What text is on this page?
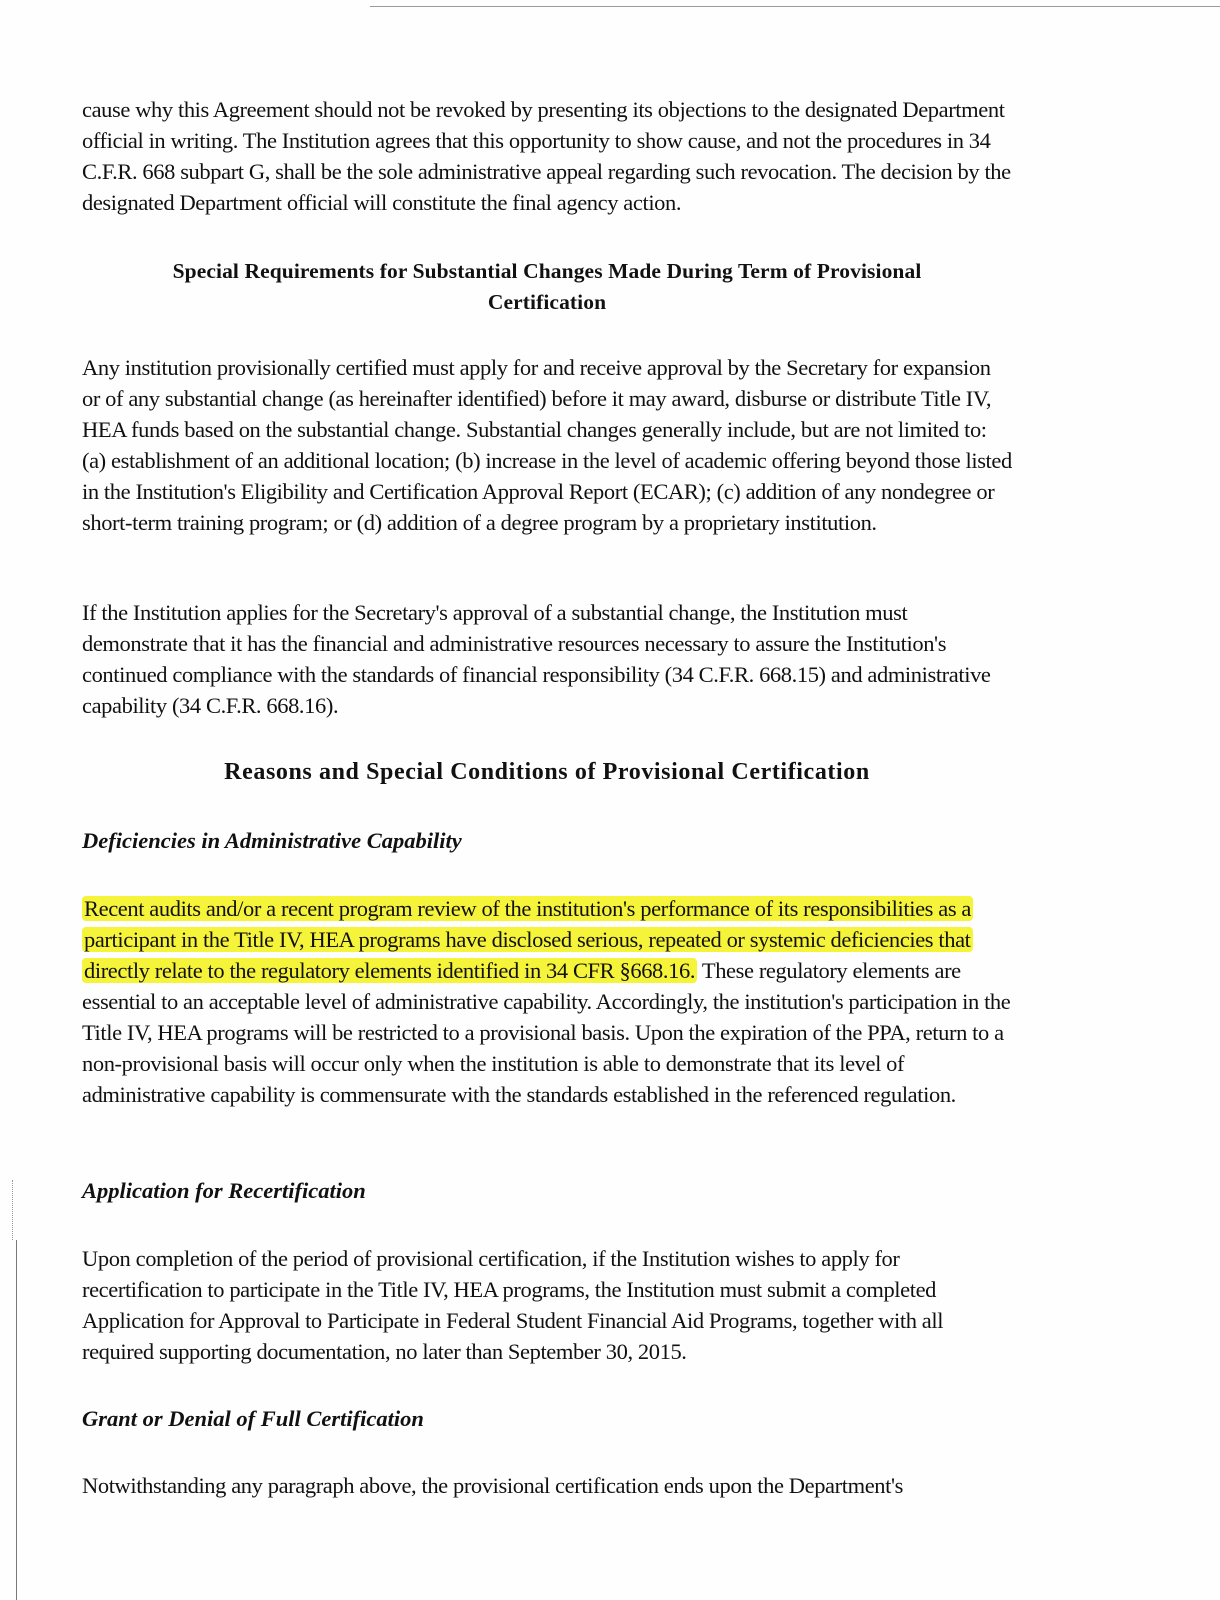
cause why this Agreement should not be revoked by presenting its objections to the designated Department official in writing. The Institution agrees that this opportunity to show cause, and not the procedures in 34 C.F.R. 668 subpart G, shall be the sole administrative appeal regarding such revocation. The decision by the designated Department official will constitute the final agency action.

Special Requirements for Substantial Changes Made During Term of Provisional
Certification

Any institution provisionally certified must apply for and receive approval by the Secretary for expansion or of any substantial change (as hereinafter identified) before it may award, disburse or distribute Title IV, HEA funds based on the substantial change. Substantial changes generally include, but are not limited to: (a) establishment of an additional location; (b) increase in the level of academic offering beyond those listed in the Institution's Eligibility and Certification Approval Report (ECAR); (c) addition of any nondegree or short-term training program; or (d) addition of a degree program by a proprietary institution.

If the Institution applies for the Secretary's approval of a substantial change, the Institution must demonstrate that it has the financial and administrative resources necessary to assure the Institution's continued compliance with the standards of financial responsibility (34 C.F.R. 668.15) and administrative capability (34 C.F.R. 668.16).

Reasons and Special Conditions of Provisional Certification

Deficiencies in Administrative Capability

Recent audits and/or a recent program review of the institution's performance of its responsibilities as a participant in the Title IV, HEA programs have disclosed serious, repeated or systemic deficiencies that directly relate to the regulatory elements identified in 34 CFR §668.16. These regulatory elements are essential to an acceptable level of administrative capability. Accordingly, the institution's participation in the Title IV, HEA programs will be restricted to a provisional basis. Upon the expiration of the PPA, return to a non-provisional basis will occur only when the institution is able to demonstrate that its level of administrative capability is commensurate with the standards established in the referenced regulation.

Application for Recertification

Upon completion of the period of provisional certification, if the Institution wishes to apply for recertification to participate in the Title IV, HEA programs, the Institution must submit a completed Application for Approval to Participate in Federal Student Financial Aid Programs, together with all required supporting documentation, no later than September 30, 2015.

Grant or Denial of Full Certification

Notwithstanding any paragraph above, the provisional certification ends upon the Department's
